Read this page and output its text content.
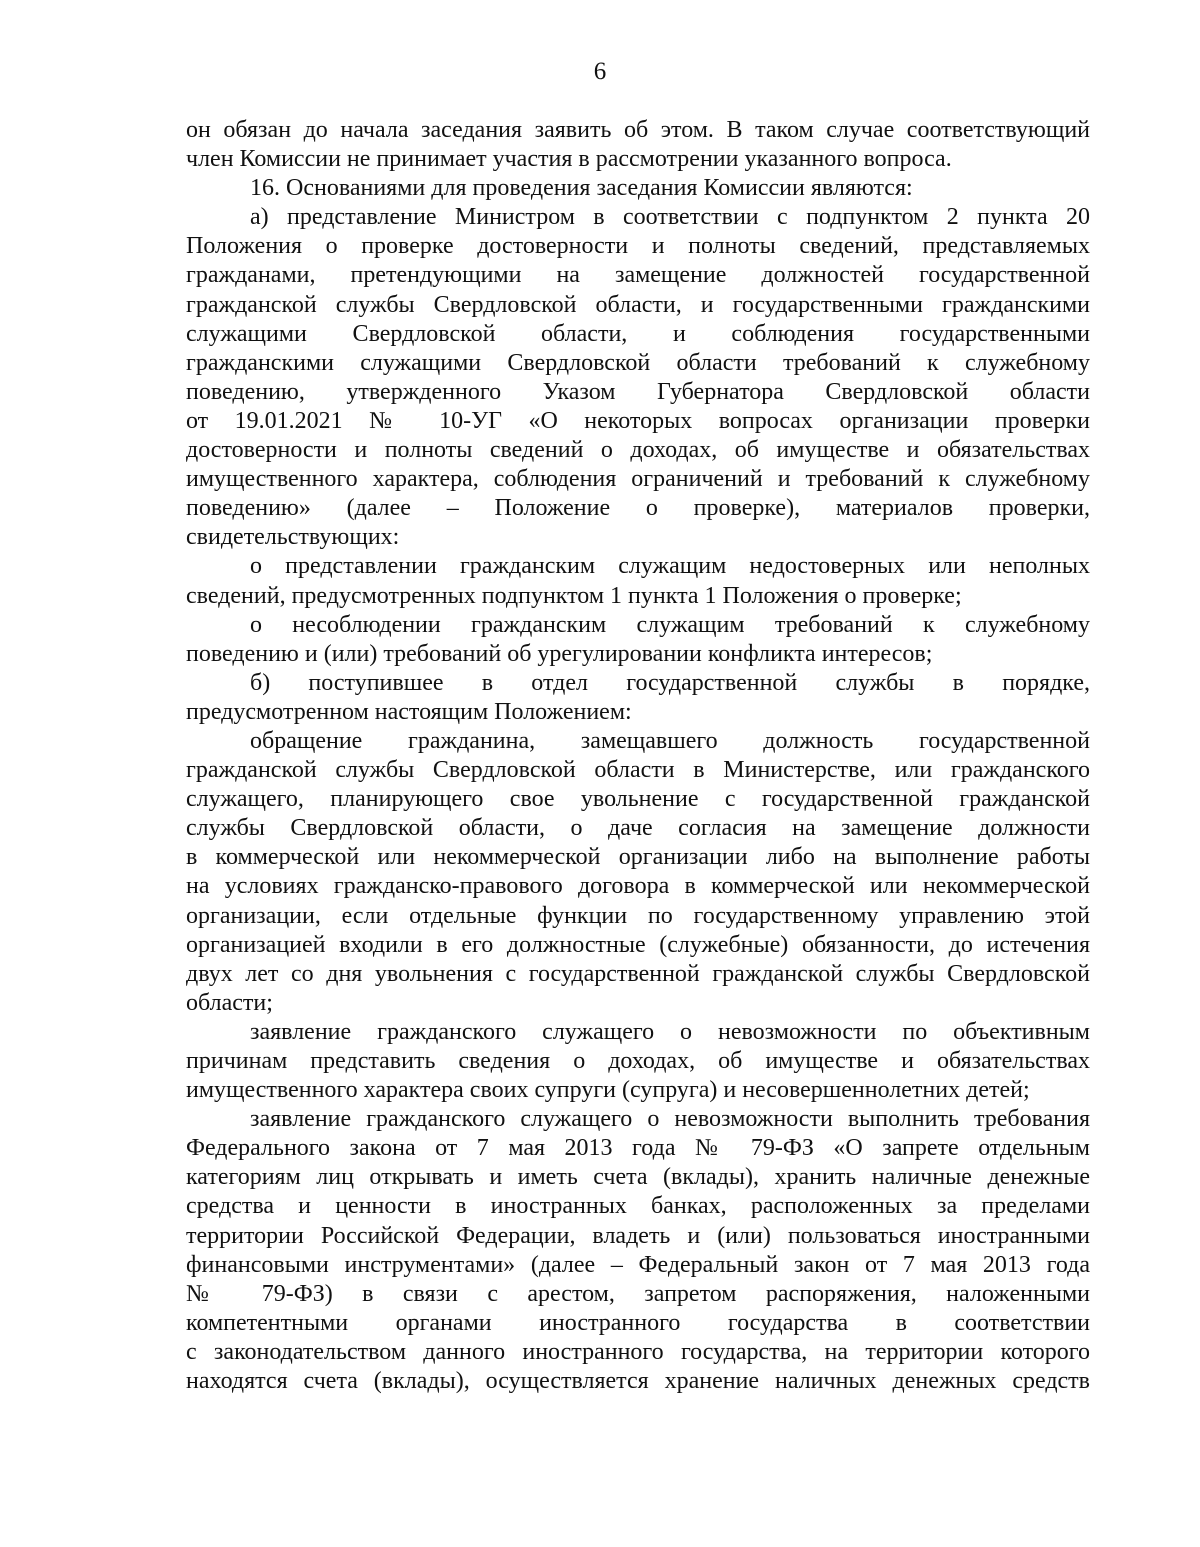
6

он обязан до начала заседания заявить об этом. В таком случае соответствующий

член Комиссии не принимает участия в рассмотрении указанного вопроса.

16. Основаниями для проведения заседания Комиссии являются:

а) представление Министром в соответствии с подпунктом 2 пункта 20

Положения о проверке достоверности и полноты сведений, представляемых

гражданами, претендующими на замещение должностей государственной

гражданской службы Свердловской области, и государственными гражданскими

служащими Свердловской области, и соблюдения государственными

гражданскими служащими Свердловской области требований к служебному

поведению, утвержденного Указом Губернатора Свердловской области

от 19.01.2021 № 10-УГ «О некоторых вопросах организации проверки

достоверности и полноты сведений о доходах, об имуществе и обязательствах

имущественного характера, соблюдения ограничений и требований к служебному

поведению» (далее – Положение о проверке), материалов проверки,

свидетельствующих:

о представлении гражданским служащим недостоверных или неполных

сведений, предусмотренных подпунктом 1 пункта 1 Положения о проверке;

о несоблюдении гражданским служащим требований к служебному

поведению и (или) требований об урегулировании конфликта интересов;

б) поступившее в отдел государственной службы в порядке,

предусмотренном настоящим Положением:

обращение гражданина, замещавшего должность государственной

гражданской службы Свердловской области в Министерстве, или гражданского

служащего, планирующего свое увольнение с государственной гражданской

службы Свердловской области, о даче согласия на замещение должности

в коммерческой или некоммерческой организации либо на выполнение работы

на условиях гражданско-правового договора в коммерческой или некоммерческой

организации, если отдельные функции по государственному управлению этой

организацией входили в его должностные (служебные) обязанности, до истечения

двух лет со дня увольнения с государственной гражданской службы Свердловской

области;

заявление гражданского служащего о невозможности по объективным

причинам представить сведения о доходах, об имуществе и обязательствах

имущественного характера своих супруги (супруга) и несовершеннолетних детей;

заявление гражданского служащего о невозможности выполнить требования

Федерального закона от 7 мая 2013 года № 79-ФЗ «О запрете отдельным

категориям лиц открывать и иметь счета (вклады), хранить наличные денежные

средства и ценности в иностранных банках, расположенных за пределами

территории Российской Федерации, владеть и (или) пользоваться иностранными

финансовыми инструментами» (далее – Федеральный закон от 7 мая 2013 года

№ 79-ФЗ) в связи с арестом, запретом распоряжения, наложенными

компетентными органами иностранного государства в соответствии

с законодательством данного иностранного государства, на территории которого

находятся счета (вклады), осуществляется хранение наличных денежных средств
